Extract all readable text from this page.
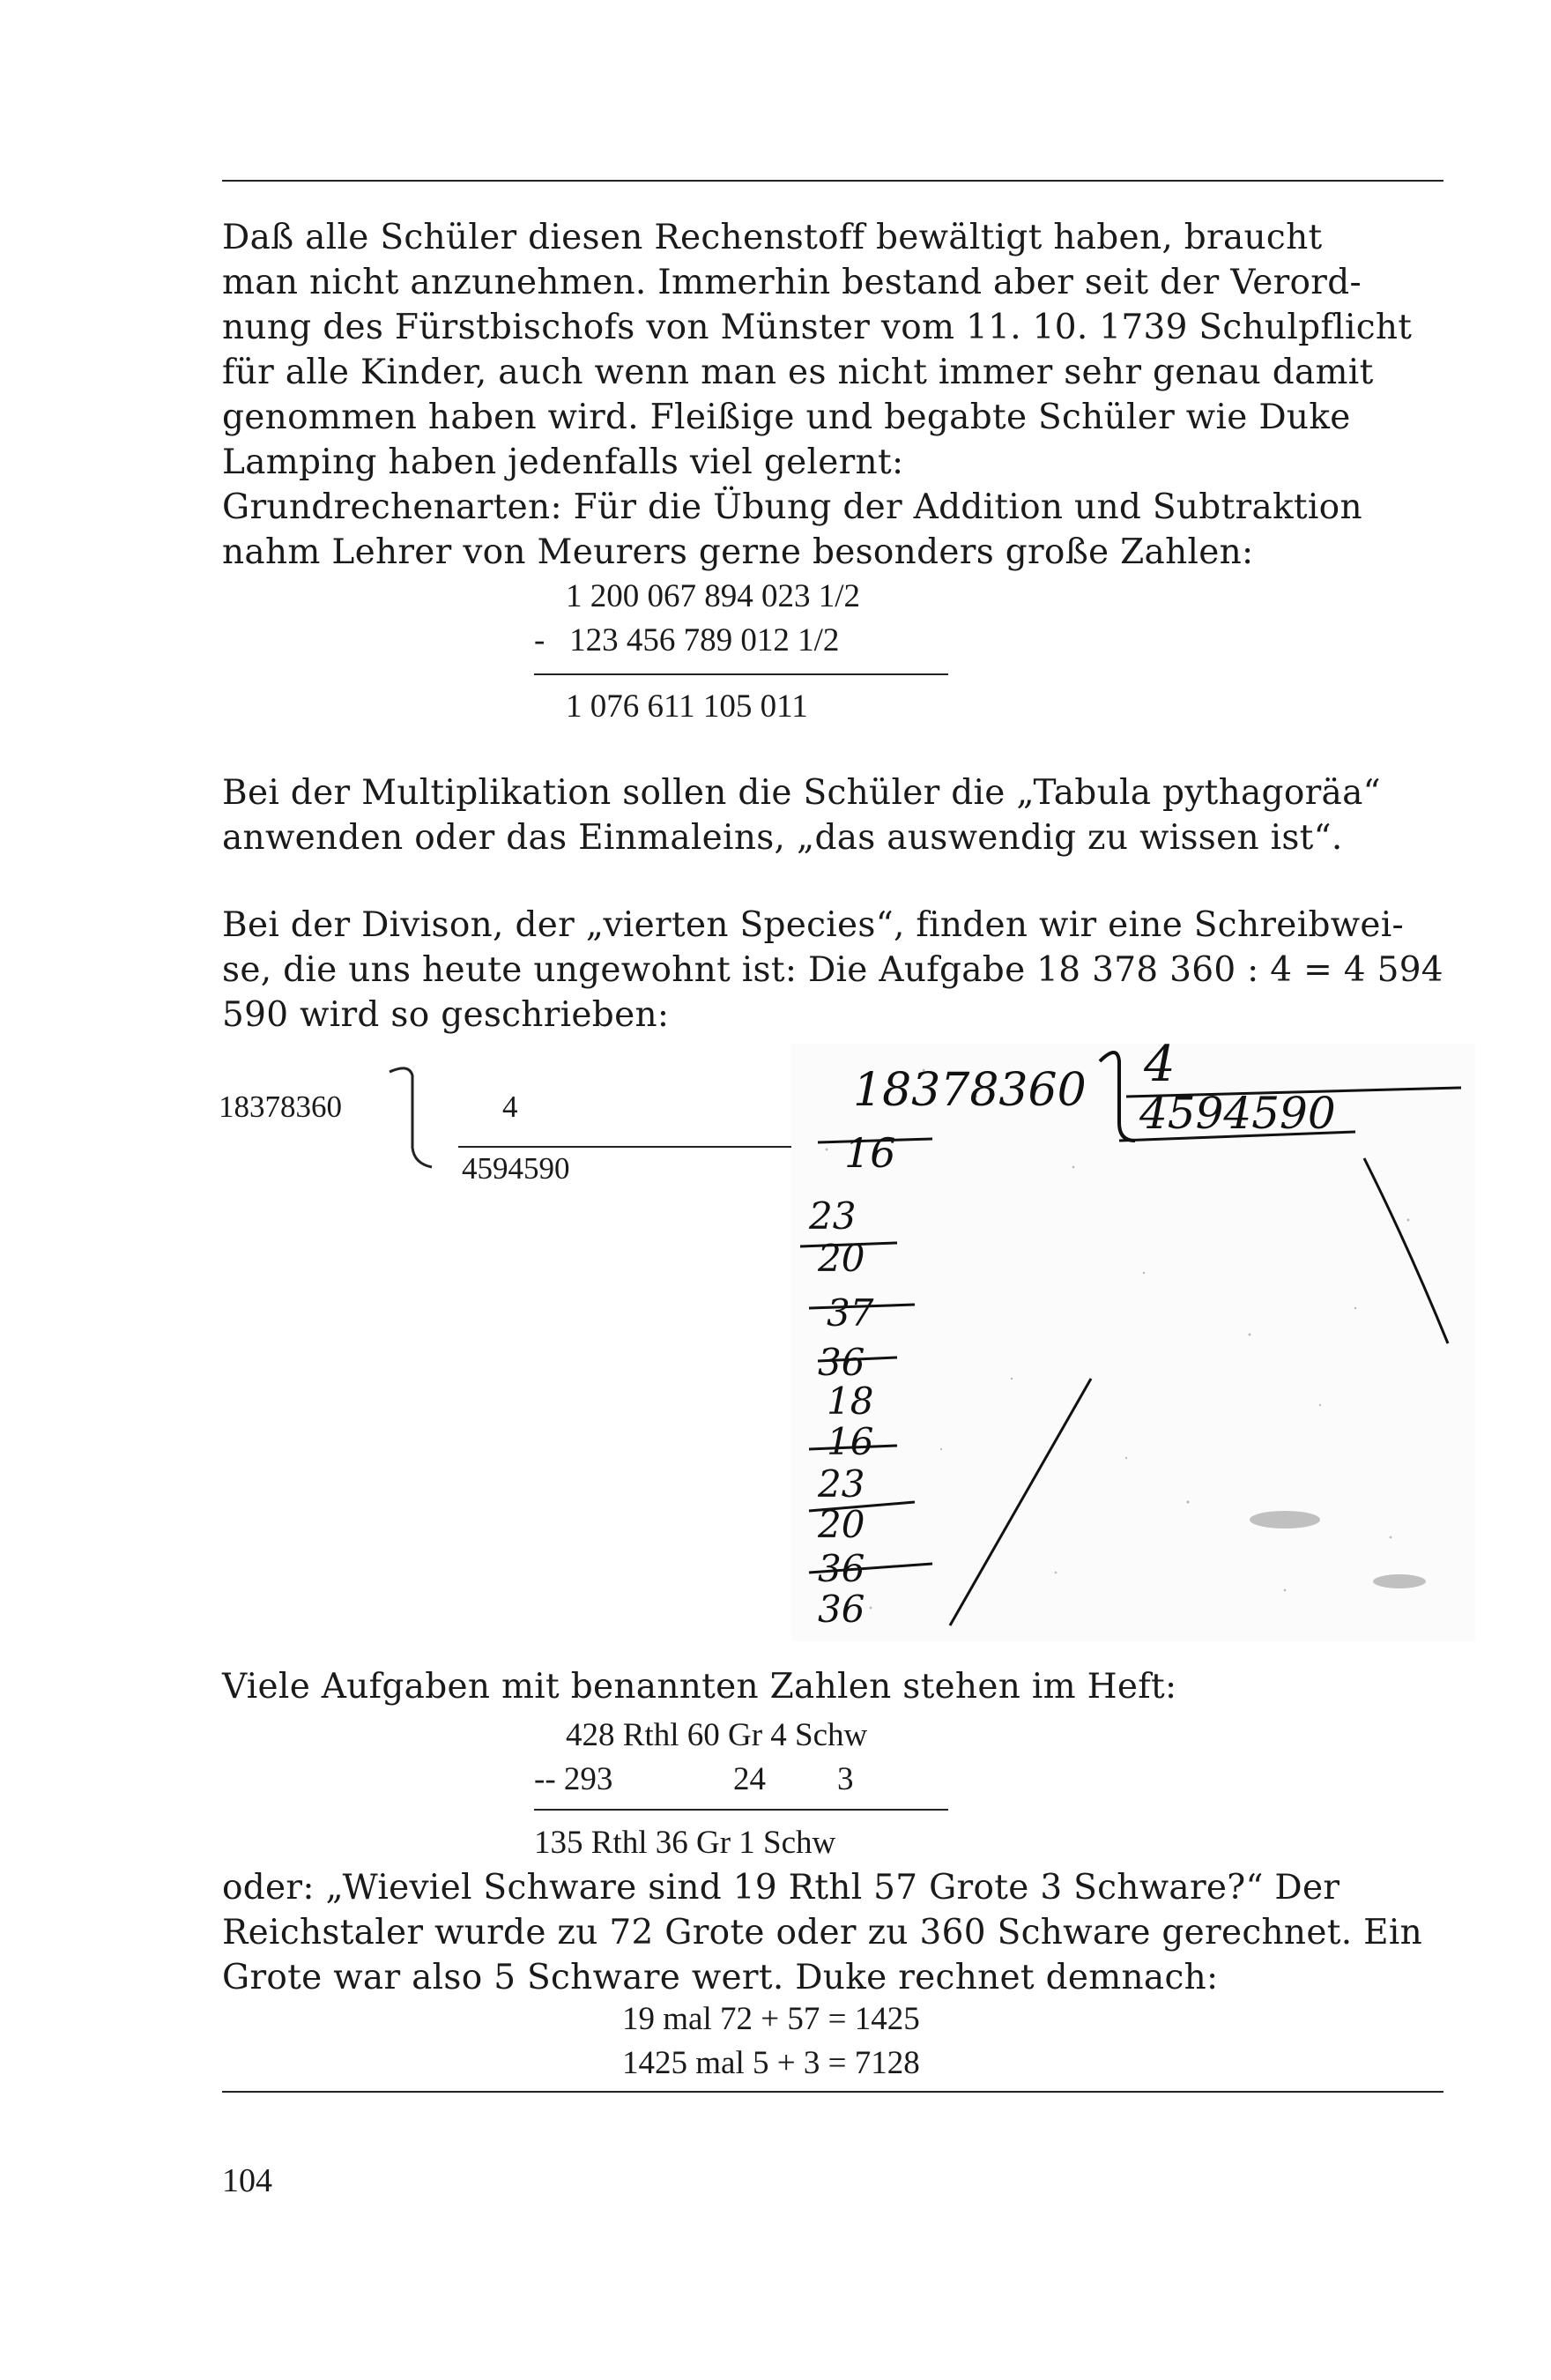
Daß alle Schüler diesen Rechenstoff bewältigt haben, braucht
man nicht anzunehmen. Immerhin bestand aber seit der Verord-
nung des Fürstbischofs von Münster vom 11. 10. 1739 Schulpflicht
für alle Kinder, auch wenn man es nicht immer sehr genau damit
genommen haben wird. Fleißige und begabte Schüler wie Duke
Lamping haben jedenfalls viel gelernt:
Grundrechenarten: Für die Übung der Addition und Subtraktion
nahm Lehrer von Meurers gerne besonders große Zahlen:
1 200 067 894 023 1/2
-   123 456 789 012 1/2
1 076 611 105 011
Bei der Multiplikation sollen die Schüler die „Tabula pythagoräa“
anwenden oder das Einmaleins, „das auswendig zu wissen ist“.
Bei der Divison, der „vierten Species“, finden wir eine Schreibwei-
se, die uns heute ungewohnt ist: Die Aufgabe 18 378 360 : 4 = 4 594
590 wird so geschrieben:
18378360	4
4594590
18378360 4
4594590
16
23
20
37
36
18
16
23
20
36
36
Viele Aufgaben mit benannten Zahlen stehen im Heft:
428 Rthl 60 Gr 4 Schw
-- 293	24 3
135 Rthl 36 Gr 1 Schw
oder: „Wieviel Schware sind 19 Rthl 57 Grote 3 Schware?“ Der
Reichstaler wurde zu 72 Grote oder zu 360 Schware gerechnet. Ein
Grote war also 5 Schware wert. Duke rechnet demnach:
19 mal 72 + 57 = 1425
1425 mal 5 + 3 = 7128
104
